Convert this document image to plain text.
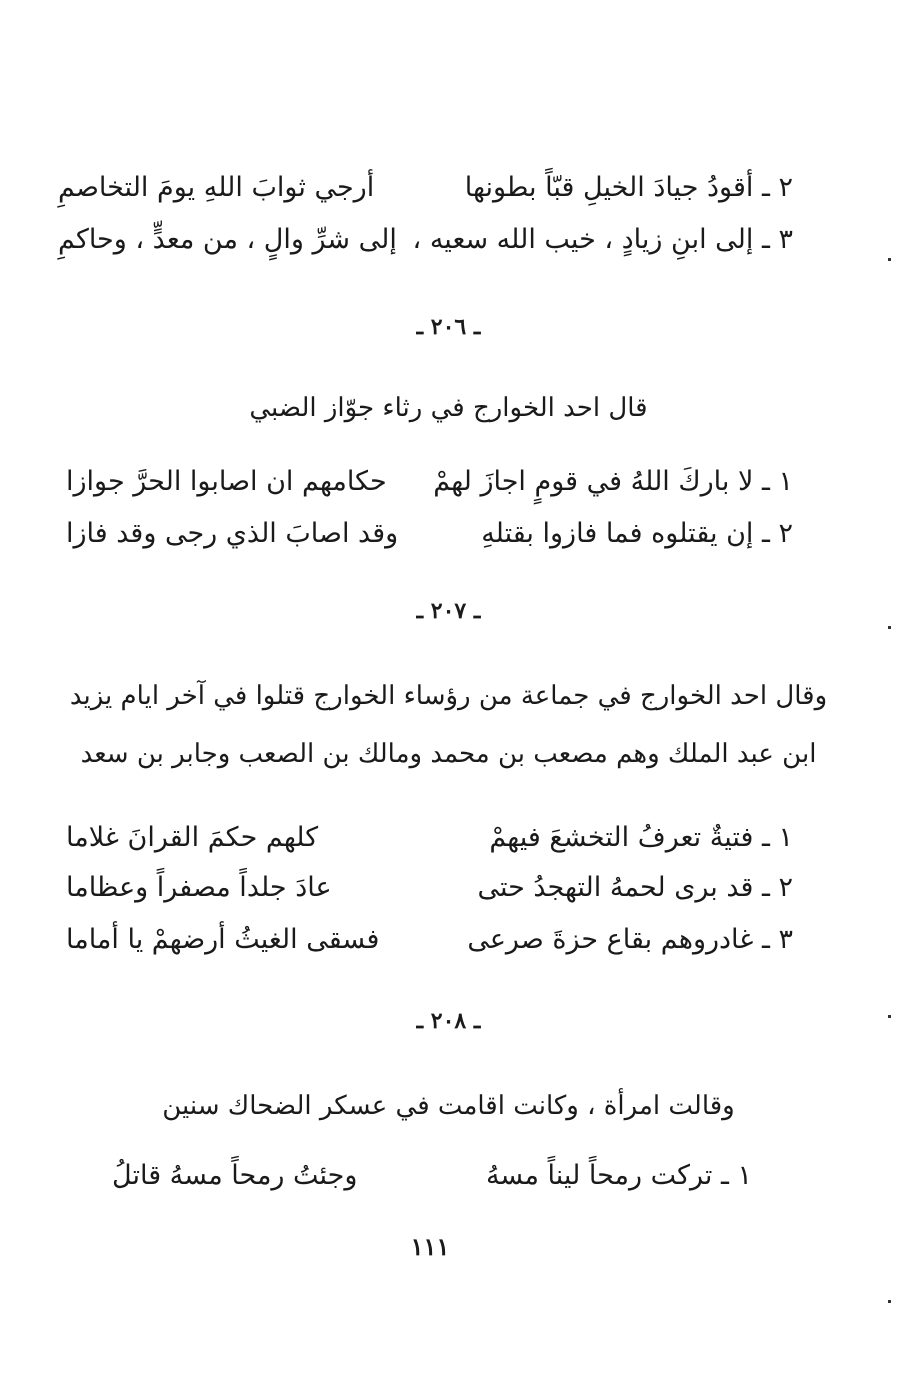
٢ ـ أقودُ جيادَ الخيلِ قبّاً بطونها
أرجي ثوابَ اللهِ يومَ التخاصمِ
٣ ـ إلى ابنِ زيادٍ ، خيب الله سعيه ،
إلى شرِّ والٍ ، من معدٍّ ، وحاكمِ
ـ ٢٠٦ ـ
قال احد الخوارج في رثاء جوّاز الضبي
١ ـ لا باركَ اللهُ في قومٍ اجازَ لهمْ
حكامهم ان اصابوا الحرَّ جوازا
٢ ـ إن يقتلوه فما فازوا بقتلهِ
وقد اصابَ الذي رجى وقد فازا
ـ ٢٠٧ ـ
وقال احد الخوارج في جماعة من رؤساء الخوارج قتلوا في آخر ايام يزيد
ابن عبد الملك وهم مصعب بن محمد ومالك بن الصعب وجابر بن سعد
١ ـ فتيةٌ تعرفُ التخشعَ فيهمْ
كلهم حكمَ القرانَ غلاما
٢ ـ قد برى لحمهُ التهجدُ حتى
عادَ جلداً مصفراً وعظاما
٣ ـ غادروهم بقاع حزةَ صرعى
فسقى الغيثُ أرضهمْ يا أماما
ـ ٢٠٨ ـ
وقالت امرأة ، وكانت اقامت في عسكر الضحاك سنين
١ ـ تركت رمحاً ليناً مسهُ
وجئتُ رمحاً مسهُ قاتلُ
١١١
